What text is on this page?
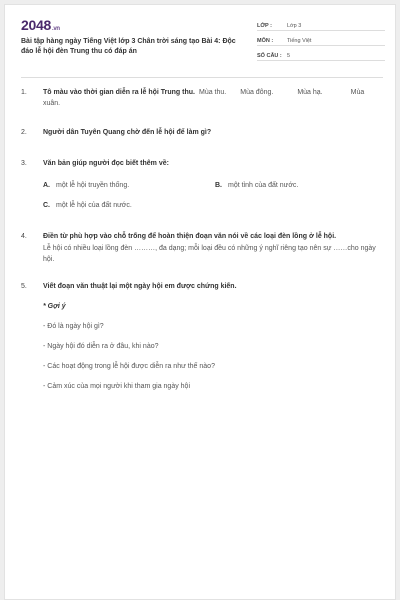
2048.vn
Bài tập hàng ngày Tiếng Việt lớp 3 Chân trời sáng tạo Bài 4: Độc đáo lễ hội đèn Trung thu có đáp án
LỚP :	Lớp 3
MÔN :	Tiếng Việt
SỐ CÂU : 5
1. Tô màu vào thời gian diễn ra lễ hội Trung thu. Mùa thu. Mùa đông.	Mùa hạ.	Mùa
xuân.
2. Người dân Tuyên Quang chờ đến lễ hội để làm gì?
3. Văn bản giúp người đọc biết thêm về:
A. một lễ hội truyền thống.	B. một tỉnh của đất nước.
C. một lễ hội của đất nước.
4. Điền từ phù hợp vào chỗ trống để hoàn thiện đoạn văn nói về các loại đèn lồng ở lễ hội.
Lễ hội có nhiều loại lồng đèn ………, đa dạng; mỗi loại đều có những ý nghĩ riêng tạo nên sự ……cho ngày hội.
5. Viết đoạn văn thuật lại một ngày hội em được chứng kiến.
* Gợi ý
- Đó là ngày hội gì?
- Ngày hội đó diễn ra ở đâu, khi nào?
- Các hoạt động trong lễ hội được diễn ra như thế nào?
- Cảm xúc của mọi người khi tham gia ngày hội
